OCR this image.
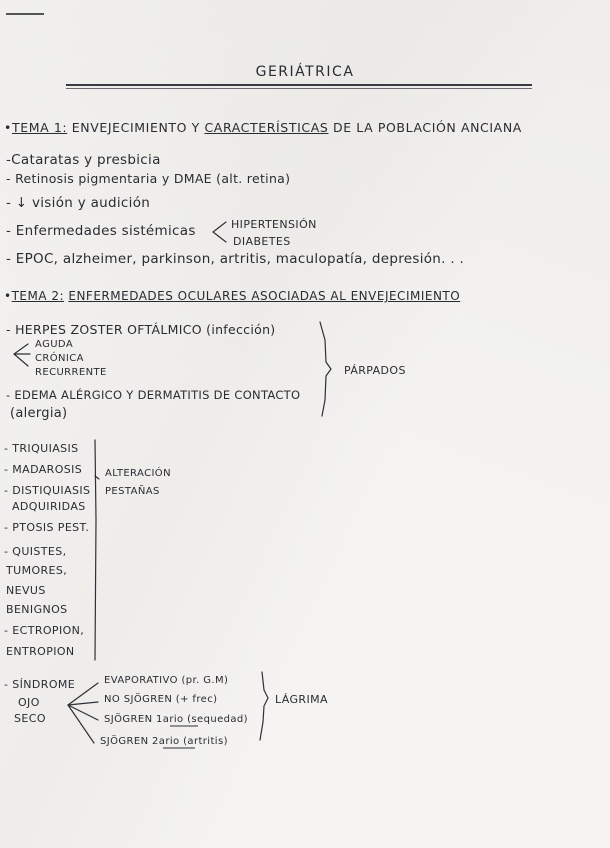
GERIÁTRICA
•TEMA 1: ENVEJECIMIENTO Y CARACTERÍSTICAS DE LA POBLACIÓN ANCIANA
-Cataratas y presbicia
- Retinosis pigmentaria y DMAE (alt. retina)
- ↓ visión y audición
- Enfermedades sistémicas	HIPERTENSIÓN
DIABETES
- EPOC, alzheimer, parkinson, artritis, maculopatía, depresión. . .
•TEMA 2: ENFERMEDADES OCULARES ASOCIADAS AL ENVEJECIMIENTO
- HERPES ZOSTER OFTÁLMICO (infección)
AGUDA
CRÓNICA
RECURRENTE
- EDEMA ALÉRGICO Y DERMATITIS DE CONTACTO
(alergia)
PÁRPADOS
- TRIQUIASIS
- MADAROSIS
- DISTIQUIASIS
ADQUIRIDAS
- PTOSIS PEST.
- QUISTES,
TUMORES,
NEVUS
BENIGNOS
- ECTROPION,
ENTROPION
ALTERACIÓN
PESTAÑAS
- SÍNDROME
OJO
SECO
EVAPORATIVO (pr. G.M)
NO SJÖGREN (+ frec)
SJÖGREN 1ario (sequedad)
SJÖGREN 2ario (artritis)
LÁGRIMA
